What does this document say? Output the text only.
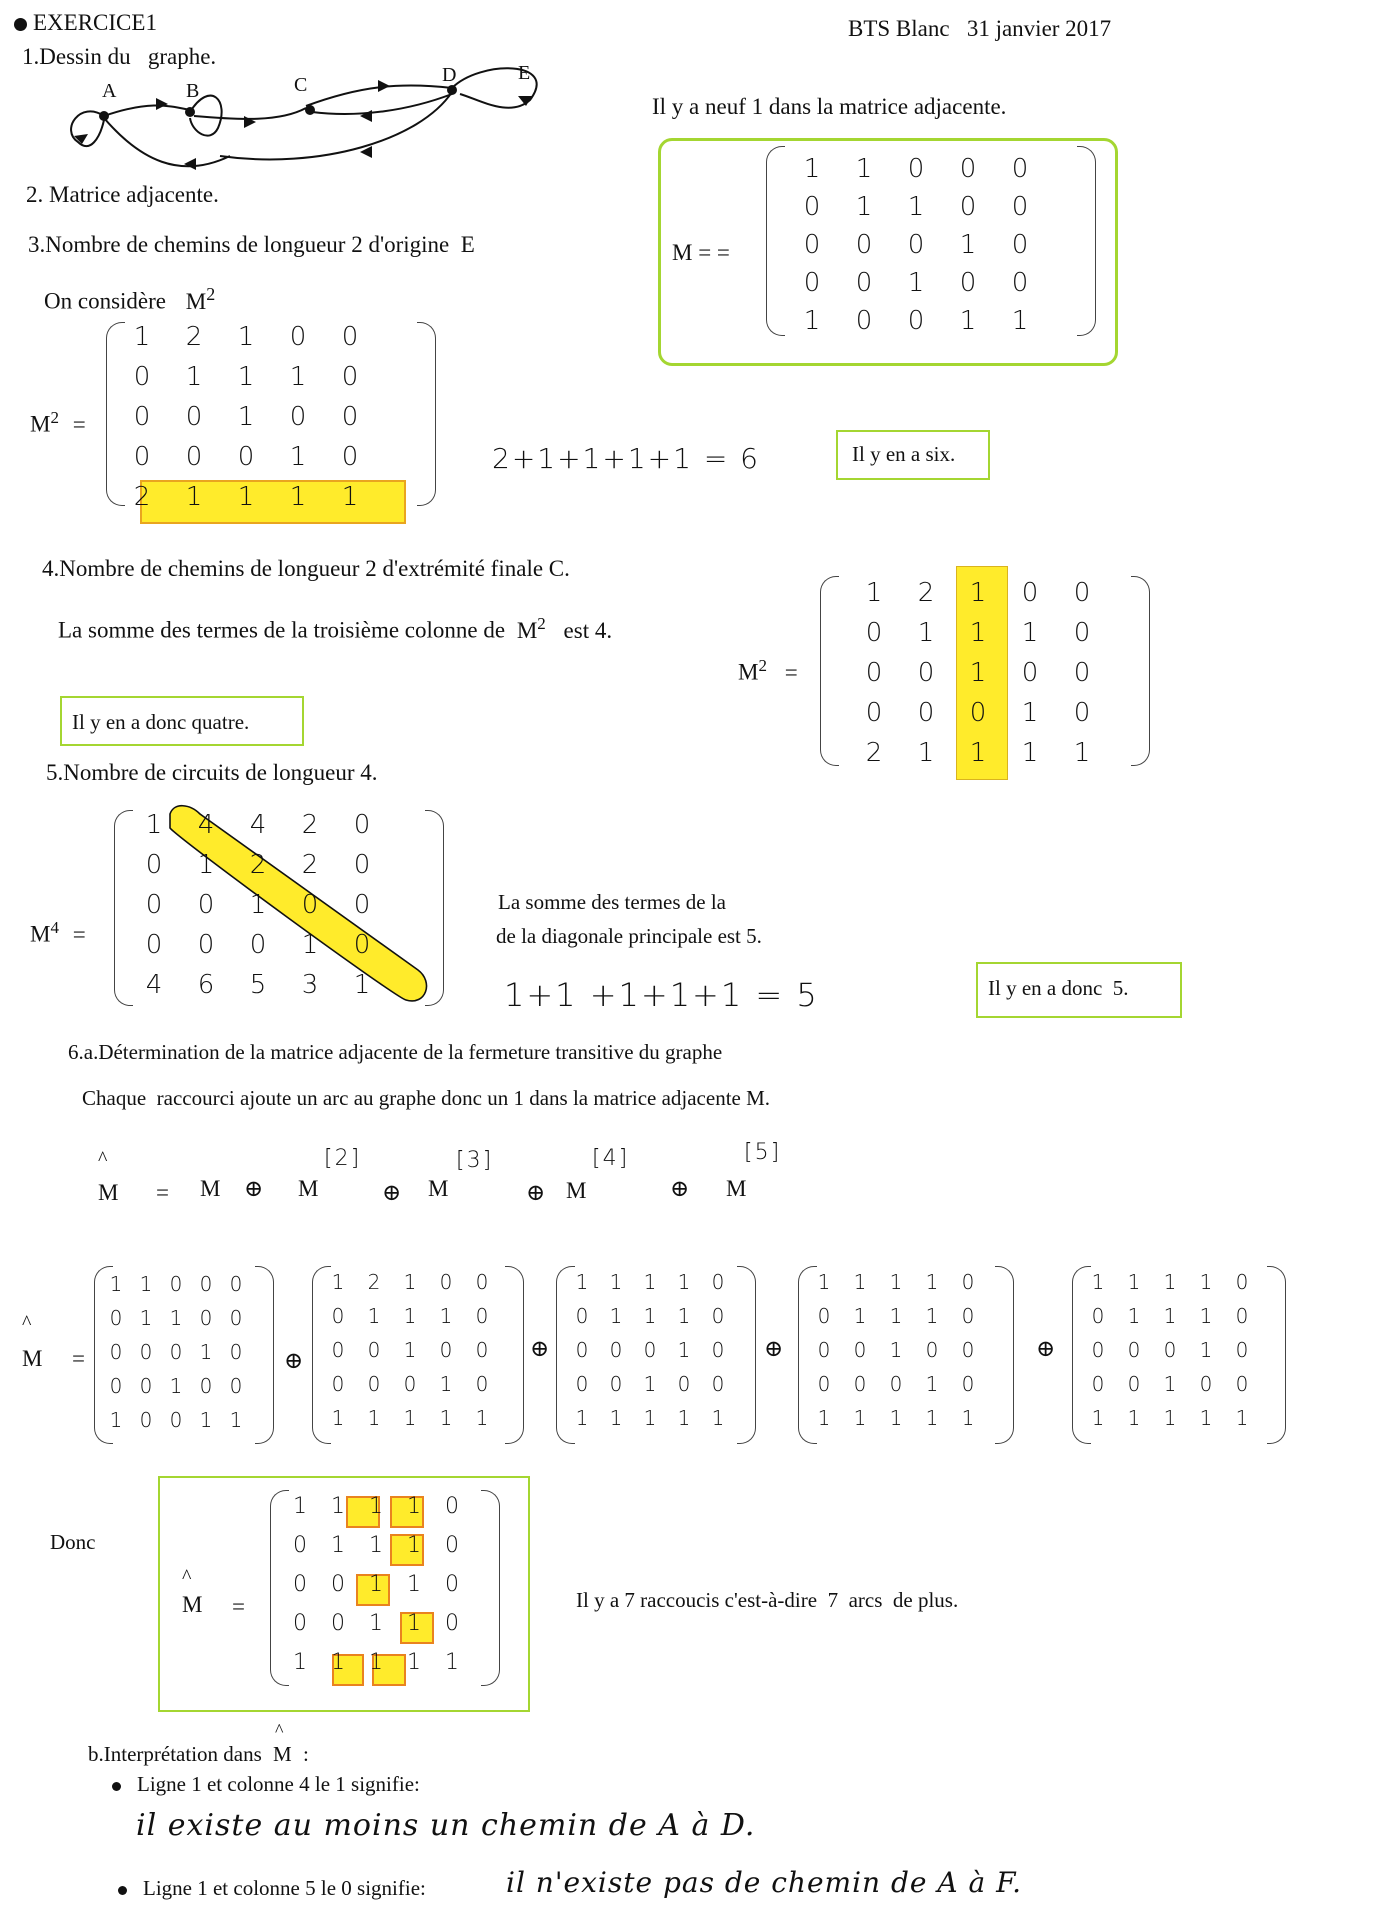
EXERCICE1	BTS Blanc   31 janvier 2017
1.Dessin du   graphe.
A	B	C	D	E
Il y a neuf 1 dans la matrice adjacente.
2. Matrice adjacente.
M = =
1 1 0 0 0
0 1 1 0 0
0 0 0 1 0
0 0 1 0 0
1 0 0 1 1
3.Nombre de chemins de longueur 2 d'origine  E
On considère $M^2$
$M^2$ =
1 2 1 0 0
0 1 1 1 0
0 0 1 0 0
0 0 0 1 0
2 1 1 1 1
2+1+1+1+1 = 6	Il y en a six.
4.Nombre de chemins de longueur 2 d'extrémité finale C.
La somme des termes de la troisième colonne de $M^2$ est 4.
Il y en a donc quatre.
$M^2$ =
1 2 1 0 0
0 1 1 1 0
0 0 1 0 0
0 0 0 1 0
2 1 1 1 1
5.Nombre de circuits de longueur 4.
$M^4$ =
1 4 4 2 0
0 1 2 2 0
0 0 1 0 0
0 0 0 1 0
4 6 5 3 1
La somme des termes de la
de la diagonale principale est 5.
1+1 +1+1+1 = 5	Il y en a donc  5.
6.a.Détermination de la matrice adjacente de la fermeture transitive du graphe
Chaque  raccourci ajoute un arc au graphe donc un 1 dans la matrice adjacente M.
^
M = M ⊕ M
[2]
⊕ M
[3]
⊕ M
[4]
⊕ M
[5]
^
M =
1 1 0 0 0
0 1 1 0 0
0 0 0 1 0
0 0 1 0 0
1 0 0 1 1
⊕
1 2 1 0 0
0 1 1 1 0
0 0 1 0 0
0 0 0 1 0
1 1 1 1 1
⊕
1 1 1 1 0
0 1 1 1 0
0 0 0 1 0
0 0 1 0 0
1 1 1 1 1
⊕
1 1 1 1 0
0 1 1 1 0
0 0 1 0 0
0 0 0 1 0
1 1 1 1 1
⊕
1 1 1 1 0
0 1 1 1 0
0 0 0 1 0
0 0 1 0 0
1 1 1 1 1
Donc
^
M =
1 1 1 1 0
0 1 1 1 0
0 0 1 1 0
0 0 1 1 0
1 1 1 1 1
Il y a 7 raccoucis c'est-à-dire  7  arcs  de plus.
b.Interprétation dans
^
M :
Ligne 1 et colonne 4 le 1 signifie:
il existe au moins un chemin de A à D.
Ligne 1 et colonne 5 le 0 signifie:	il n'existe pas de chemin de A à F.
